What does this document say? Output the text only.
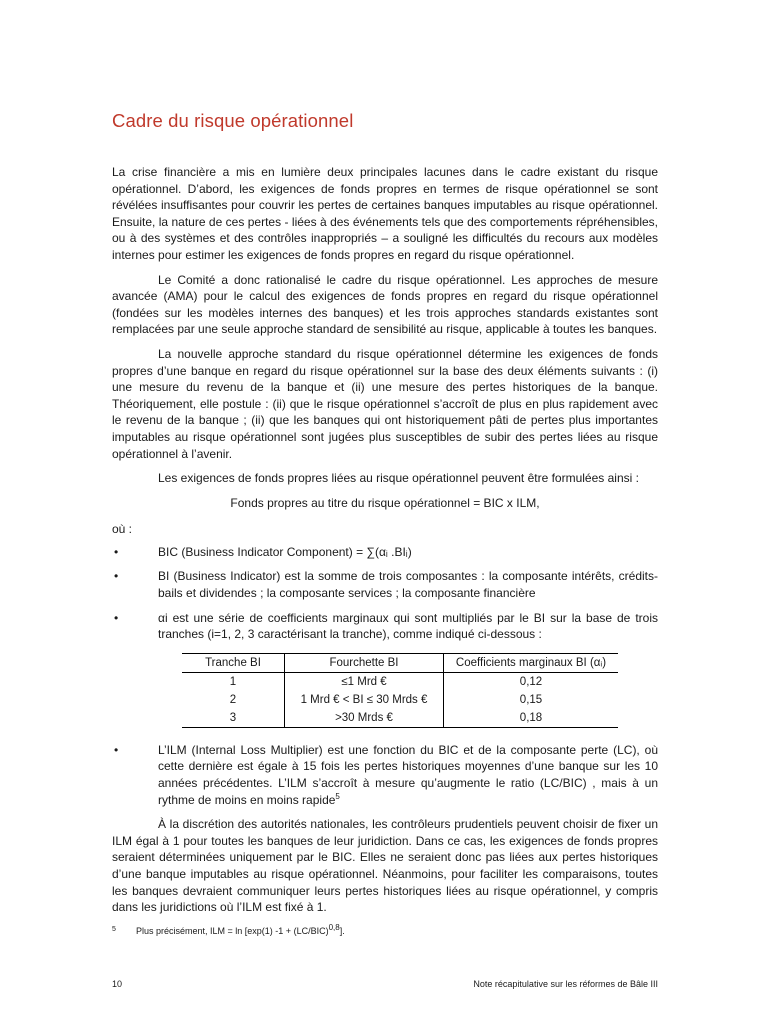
Cadre du risque opérationnel

La crise financière a mis en lumière deux principales lacunes dans le cadre existant du risque opérationnel. D’abord, les exigences de fonds propres en termes de risque opérationnel se sont révélées insuffisantes pour couvrir les pertes de certaines banques imputables au risque opérationnel. Ensuite, la nature de ces pertes - liées à des événements tels que des comportements répréhensibles, ou à des systèmes et des contrôles inappropriés – a souligné les difficultés du recours aux modèles internes pour estimer les exigences de fonds propres en regard du risque opérationnel.

Le Comité a donc rationalisé le cadre du risque opérationnel. Les approches de mesure avancée (AMA) pour le calcul des exigences de fonds propres en regard du risque opérationnel (fondées sur les modèles internes des banques) et les trois approches standards existantes sont remplacées par une seule approche standard de sensibilité au risque, applicable à toutes les banques.

La nouvelle approche standard du risque opérationnel détermine les exigences de fonds propres d’une banque en regard du risque opérationnel sur la base des deux éléments suivants : (i) une mesure du revenu de la banque et (ii) une mesure des pertes historiques de la banque. Théoriquement, elle postule : (ii) que le risque opérationnel s’accroît de plus en plus rapidement avec le revenu de la banque ; (ii) que les banques qui ont historiquement pâti de pertes plus importantes imputables au risque opérationnel sont jugées plus susceptibles de subir des pertes liées au risque opérationnel à l’avenir.

Les exigences de fonds propres liées au risque opérationnel peuvent être formulées ainsi :

Fonds propres au titre du risque opérationnel = BIC x ILM,
où :
•	BIC (Business Indicator Component) = ∑(αᵢ .BIᵢ)
•	BI (Business Indicator) est la somme de trois composantes : la composante intérêts, crédits-bails et dividendes ; la composante services ; la composante financière
•	αi est une série de coefficients marginaux qui sont multipliés par le BI sur la base de trois tranches (i=1, 2, 3 caractérisant la tranche), comme indiqué ci-dessous :
Tranche BI	Fourchette BI	Coefficients marginaux BI (αᵢ)
1	≤1 Mrd €	0,12
2	1 Mrd € < BI ≤ 30 Mrds €	0,15
3	>30 Mrds €	0,18
•	L’ILM (Internal Loss Multiplier) est une fonction du BIC et de la composante perte (LC), où cette dernière est égale à 15 fois les pertes historiques moyennes d’une banque sur les 10 années précédentes. L’ILM s’accroît à mesure qu’augmente le ratio (LC/BIC) , mais à un rythme de moins en moins rapide$^5$

À la discrétion des autorités nationales, les contrôleurs prudentiels peuvent choisir de fixer un ILM égal à 1 pour toutes les banques de leur juridiction. Dans ce cas, les exigences de fonds propres seraient déterminées uniquement par le BIC. Elles ne seraient donc pas liées aux pertes historiques d’une banque imputables au risque opérationnel. Néanmoins, pour faciliter les comparaisons, toutes les banques devraient communiquer leurs pertes historiques liées au risque opérationnel, y compris dans les juridictions où l’ILM est fixé à 1.

5	Plus précisément, ILM = ln [exp(1) $-1 + (LC/BIC)^{0,8}$].
10	Note récapitulative sur les réformes de Bâle III
